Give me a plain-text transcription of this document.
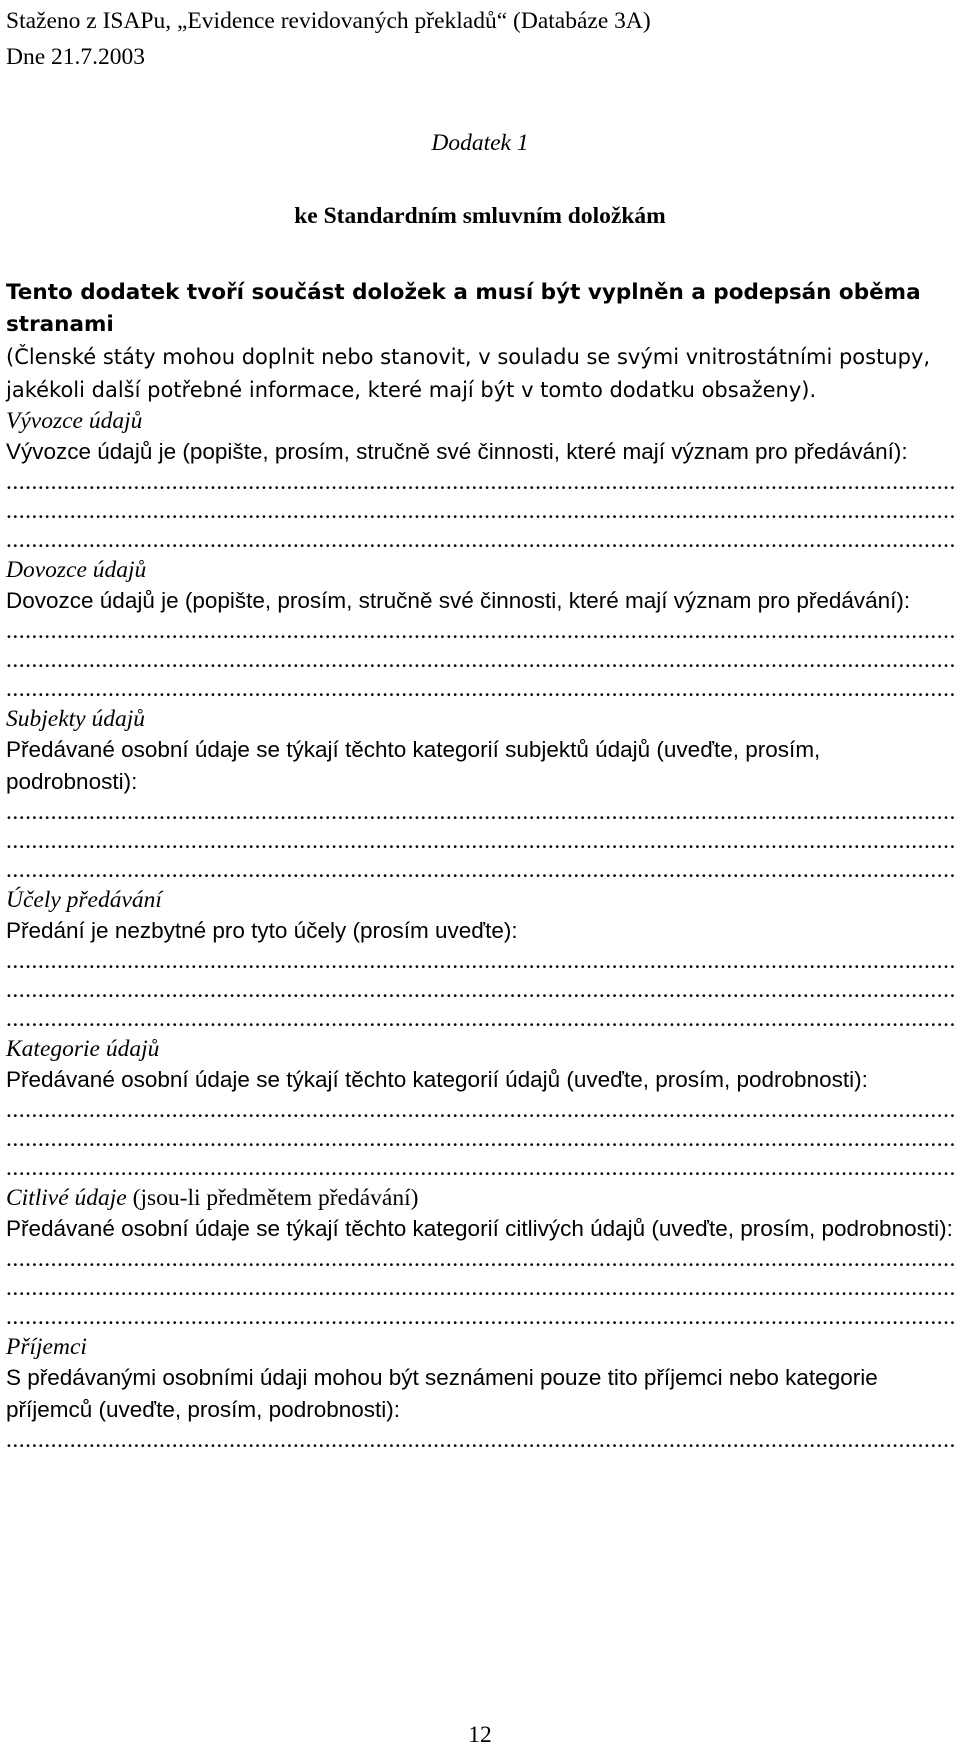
Staženo z ISAPu, „Evidence revidovaných překladů“ (Databáze 3A)
Dne 21.7.2003
Dodatek 1
ke Standardním smluvním doložkám
Tento dodatek tvoří součást doložek a musí být vyplněn a podepsán oběma stranami
(Členské státy mohou doplnit nebo stanovit, v souladu se svými vnitrostátními postupy, jakékoli další potřebné informace, které mají být v tomto dodatku obsaženy).
Vývozce údajů
Vývozce údajů je (popište, prosím, stručně své činnosti, které mají význam pro předávání):
.....
.....
.....
Dovozce údajů
Dovozce údajů je (popište, prosím, stručně své činnosti, které mají význam pro předávání):
.....
.....
.....
Subjekty údajů
Předávané osobní údaje se týkají těchto kategorií subjektů údajů (uveďte, prosím, podrobnosti):
.....
.....
.....
Účely předávání
Předání je nezbytné pro tyto účely (prosím uveďte):
.....
.....
.....
Kategorie údajů
Předávané osobní údaje se týkají těchto kategorií údajů (uveďte, prosím, podrobnosti):
.....
.....
.....
Citlivé údaje (jsou-li předmětem předávání)
Předávané osobní údaje se týkají těchto kategorií citlivých údajů (uveďte, prosím, podrobnosti):
.....
.....
.....
Příjemci
S předávanými osobními údaji mohou být seznámeni pouze tito příjemci nebo kategorie příjemců (uveďte, prosím, podrobnosti):
.....
12
